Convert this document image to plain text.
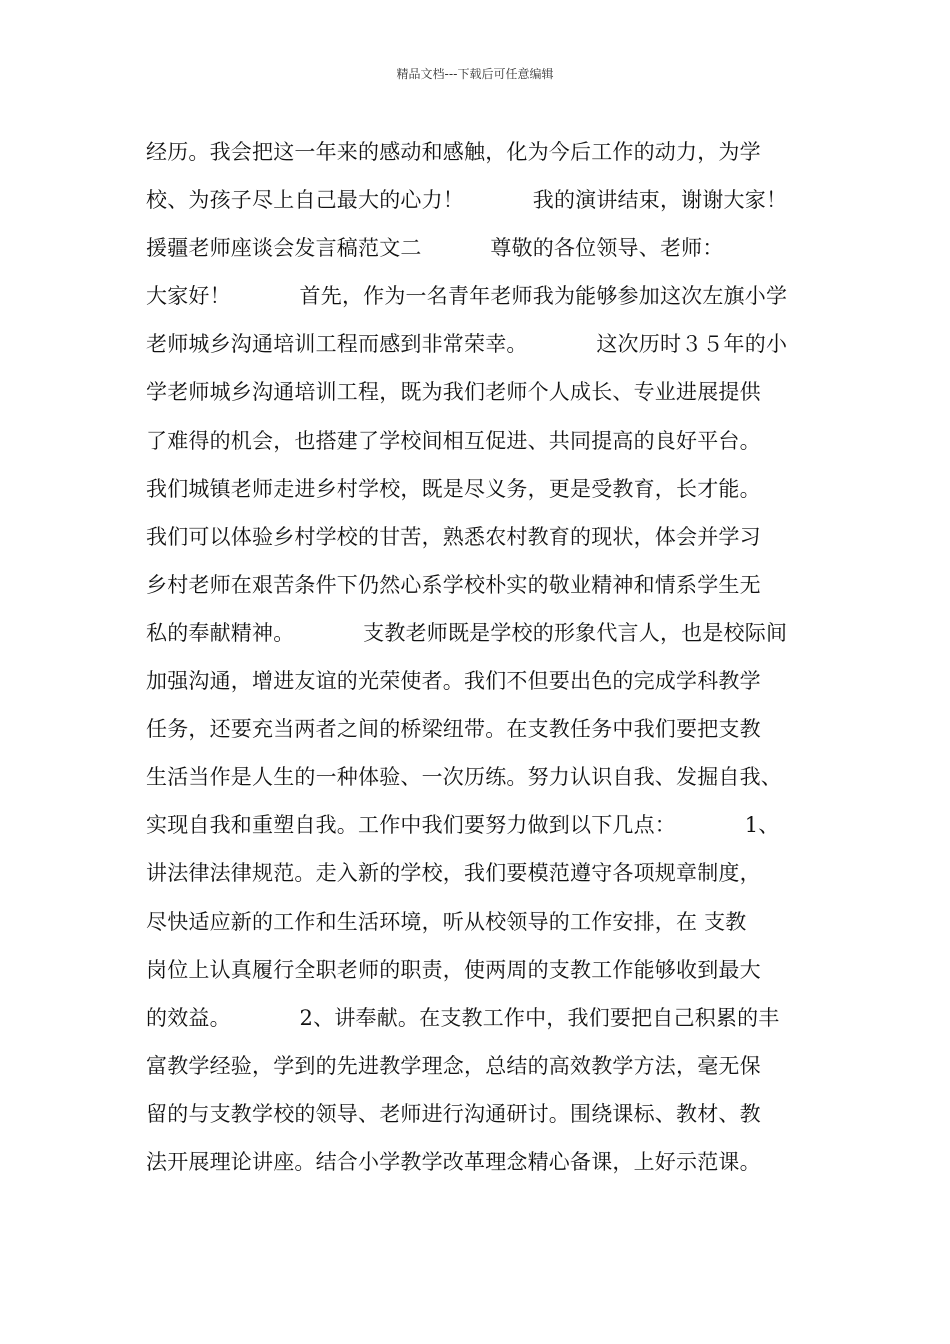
精品文档---下载后可任意编辑
经历。我会把这一年来的感动和感触，化为今后工作的动力，为学
校、为孩子尽上自己最大的心力！          我的演讲结束，谢谢大家！
援疆老师座谈会发言稿范文二          尊敬的各位领导、老师：
大家好！          首先，作为一名青年老师我为能够参加这次左旗小学
老师城乡沟通培训工程而感到非常荣幸。          这次历时３５年的小
学老师城乡沟通培训工程，既为我们老师个人成长、专业进展提供
了难得的机会，也搭建了学校间相互促进、共同提高的良好平台。
我们城镇老师走进乡村学校，既是尽义务，更是受教育，长才能。
我们可以体验乡村学校的甘苦，熟悉农村教育的现状，体会并学习
乡村老师在艰苦条件下仍然心系学校朴实的敬业精神和情系学生无
私的奉献精神。          支教老师既是学校的形象代言人，也是校际间
加强沟通，增进友谊的光荣使者。我们不但要出色的完成学科教学
任务，还要充当两者之间的桥梁纽带。在支教任务中我们要把支教
生活当作是人生的一种体验、一次历练。努力认识自我、发掘自我、
实现自我和重塑自我。工作中我们要努力做到以下几点：          1、
讲法律法律规范。走入新的学校，我们要模范遵守各项规章制度，
尽快适应新的工作和生活环境，听从校领导的工作安排，在 支教
岗位上认真履行全职老师的职责，使两周的支教工作能够收到最大
的效益。          2、讲奉献。在支教工作中，我们要把自己积累的丰
富教学经验，学到的先进教学理念，总结的高效教学方法，毫无保
留的与支教学校的领导、老师进行沟通研讨。围绕课标、教材、教
法开展理论讲座。结合小学教学改革理念精心备课，上好示范课。
